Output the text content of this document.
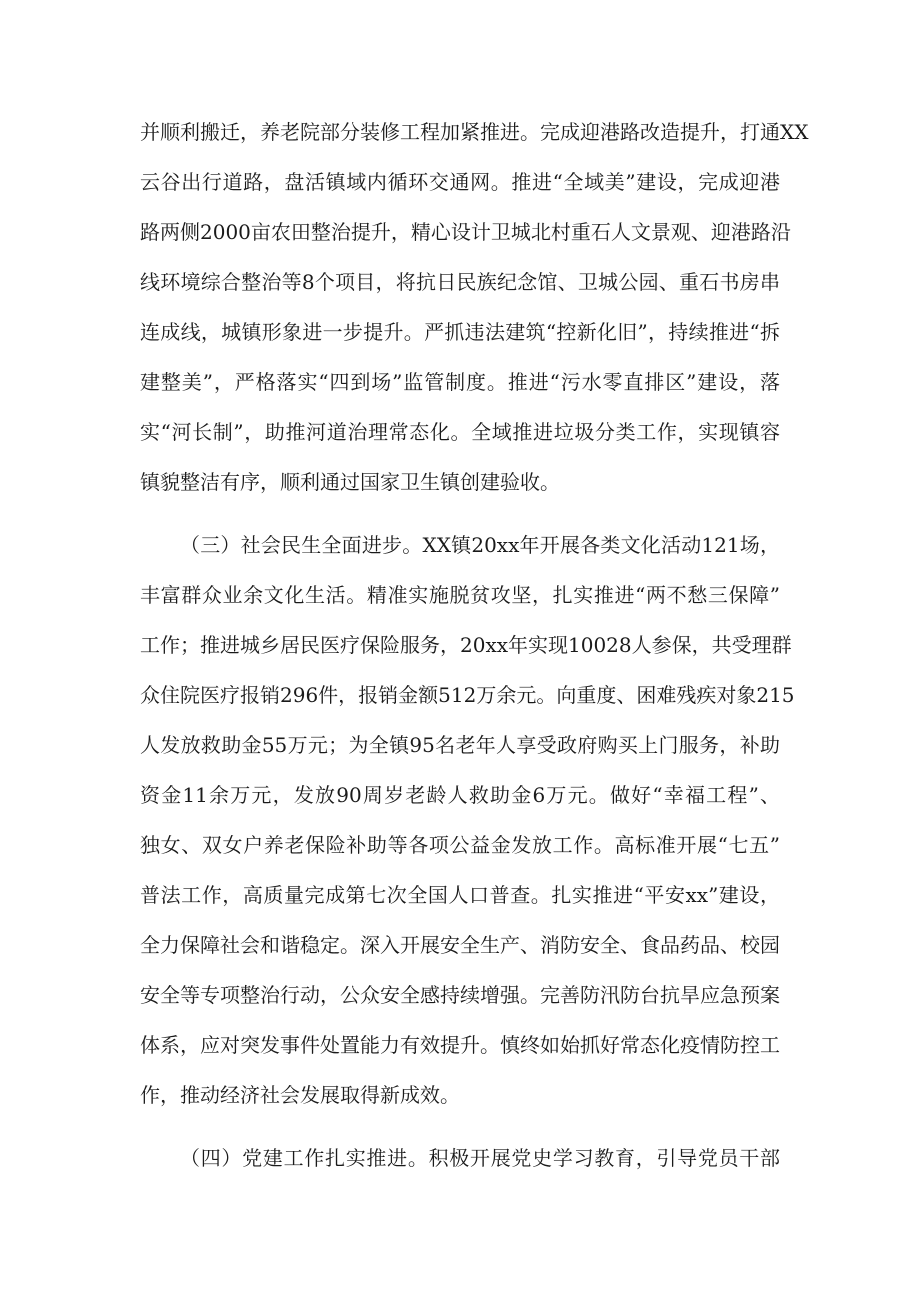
并顺利搬迁，养老院部分装修工程加紧推进。完成迎港路改造提升，打通XX
云谷出行道路，盘活镇域内循环交通网。推进“全域美”建设，完成迎港
路两侧2000亩农田整治提升，精心设计卫城北村重石人文景观、迎港路沿
线环境综合整治等8个项目，将抗日民族纪念馆、卫城公园、重石书房串
连成线，城镇形象进一步提升。严抓违法建筑“控新化旧”，持续推进“拆
建整美”，严格落实“四到场”监管制度。推进“污水零直排区”建设，落
实“河长制”，助推河道治理常态化。全域推进垃圾分类工作，实现镇容
镇貌整洁有序，顺利通过国家卫生镇创建验收。
（三）社会民生全面进步。XX镇20xx年开展各类文化活动121场，
丰富群众业余文化生活。精准实施脱贫攻坚，扎实推进“两不愁三保障”
工作；推进城乡居民医疗保险服务，20xx年实现10028人参保，共受理群
众住院医疗报销296件，报销金额512万余元。向重度、困难残疾对象215
人发放救助金55万元；为全镇95名老年人享受政府购买上门服务，补助
资金11余万元，发放90周岁老龄人救助金6万元。做好“幸福工程”、
独女、双女户养老保险补助等各项公益金发放工作。高标准开展“七五”
普法工作，高质量完成第七次全国人口普查。扎实推进“平安xx”建设，
全力保障社会和谐稳定。深入开展安全生产、消防安全、食品药品、校园
安全等专项整治行动，公众安全感持续增强。完善防汛防台抗旱应急预案
体系，应对突发事件处置能力有效提升。慎终如始抓好常态化疫情防控工
作，推动经济社会发展取得新成效。
（四）党建工作扎实推进。积极开展党史学习教育，引导党员干部
